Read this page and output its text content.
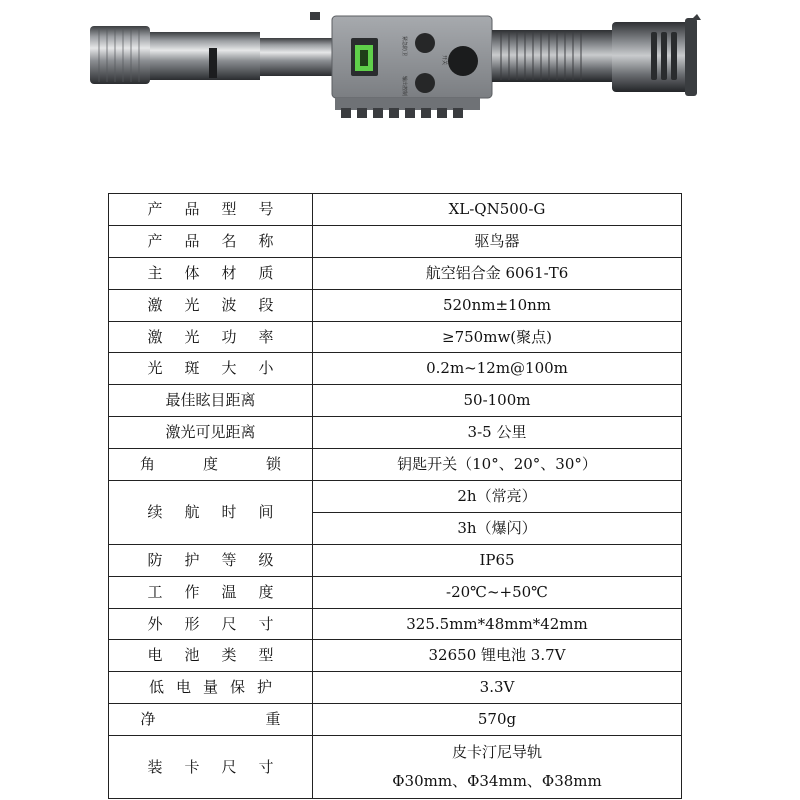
紧急防卫
输出控制
开关
产品型号	XL-QN500-G
产品名称	驱鸟器
主体材质	航空铝合金 6061-T6
激光波段	520nm±10nm
激光功率	≥750mw(聚点)
光斑大小	0.2m~12m@100m
最佳眩目距离	50-100m
激光可见距离	3-5 公里
角度锁	钥匙开关（10°、20°、30°）
续航时间	2h（常亮）
	3h（爆闪）
防护等级	IP65
工作温度	-20℃~+50℃
外形尺寸	325.5mm*48mm*42mm
电池类型	32650 锂电池 3.7V
低电量保护	3.3V
净重	570g
装卡尺寸	皮卡汀尼导轨
Φ30mm、Φ34mm、Φ38mm
